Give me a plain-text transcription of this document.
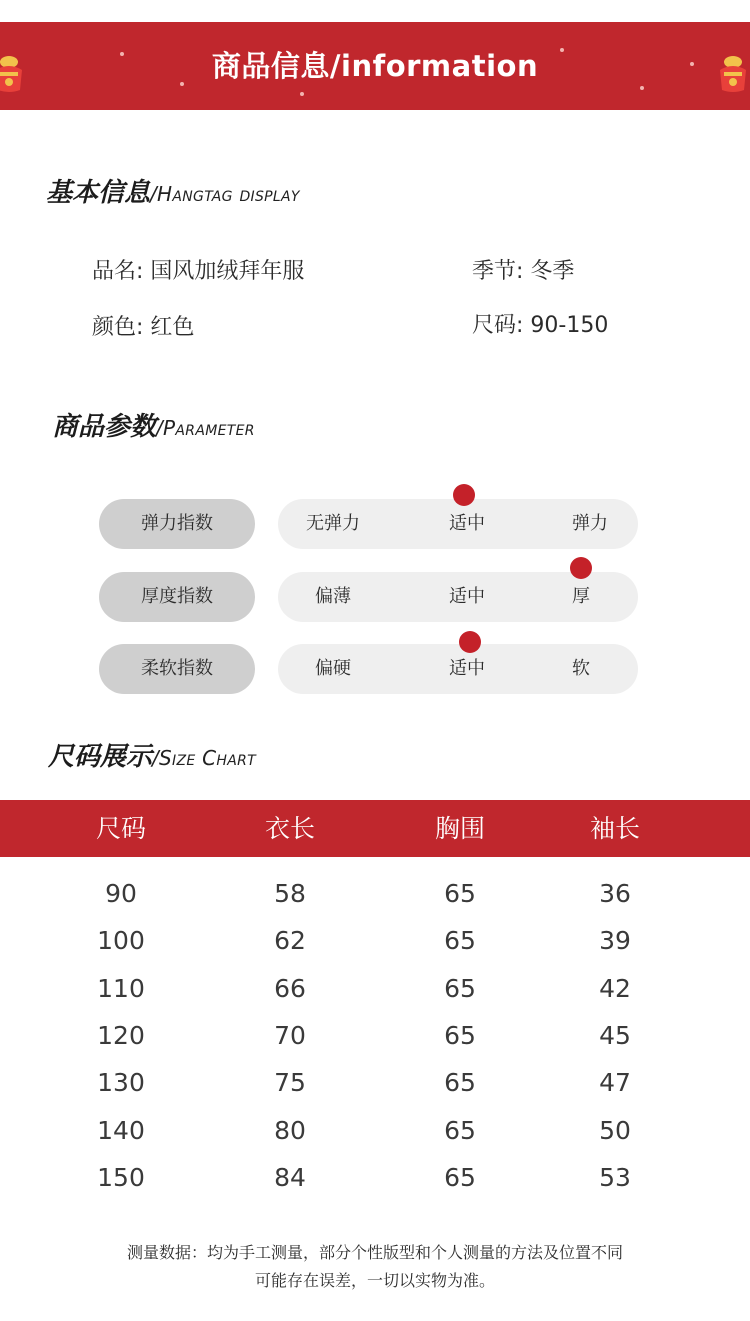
商品信息/information
基本信息/Hangtag display
品名: 国风加绒拜年服	季节: 冬季
颜色: 红色	尺码: 90-150
商品参数/Parameter
弹力指数	无弹力	适中	弹力
厚度指数	偏薄	适中	厚
柔软指数	偏硬	适中	软
尺码展示/Size Chart
尺码	衣长	胸围	袖长
90	58	65	36
100	62	65	39
110	66	65	42
120	70	65	45
130	75	65	47
140	80	65	50
150	84	65	53
测量数据：均为手工测量，部分个性版型和个人测量的方法及位置不同
可能存在误差，一切以实物为准。
